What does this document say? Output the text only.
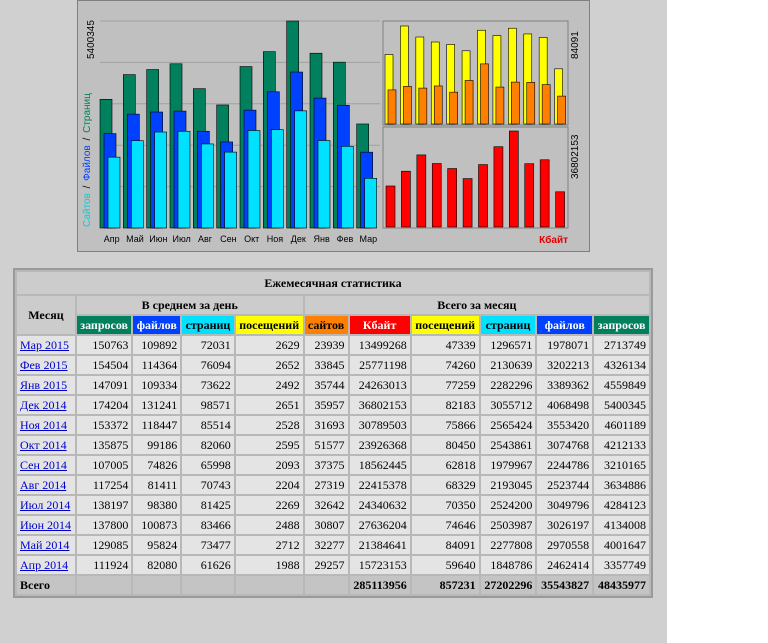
Апр Май Июн Июл Авг Сен Окт Ноя Дек Янв Фев Мар
Сайтов / Файлов / Страниц
5400345	84091
36802153
Кбайт
Ежемесячная статистика										
Месяц	В среднем за день				Всего за месяц					
	запросов	файлов	страниц	посещений	сайтов	Кбайт	посещений	страниц	файлов	запросов
Мар 2015	150763	109892	72031	2629	23939	13499268	47339	1296571	1978071	2713749
Фев 2015	154504	114364	76094	2652	33845	25771198	74260	2130639	3202213	4326134
Янв 2015	147091	109334	73622	2492	35744	24263013	77259	2282296	3389362	4559849
Дек 2014	174204	131241	98571	2651	35957	36802153	82183	3055712	4068498	5400345
Ноя 2014	153372	118447	85514	2528	31693	30789503	75866	2565424	3553420	4601189
Окт 2014	135875	99186	82060	2595	51577	23926368	80450	2543861	3074768	4212133
Сен 2014	107005	74826	65998	2093	37375	18562445	62818	1979967	2244786	3210165
Авг 2014	117254	81411	70743	2204	27319	22415378	68329	2193045	2523744	3634886
Июл 2014	138197	98380	81425	2269	32642	24340632	70350	2524200	3049796	4284123
Июн 2014	137800	100873	83466	2488	30807	27636204	74646	2503987	3026197	4134008
Май 2014	129085	95824	73477	2712	32277	21384641	84091	2277808	2970558	4001647
Апр 2014	111924	82080	61626	1988	29257	15723153	59640	1848786	2462414	3357749
Всего						285113956	857231	27202296	35543827	48435977
